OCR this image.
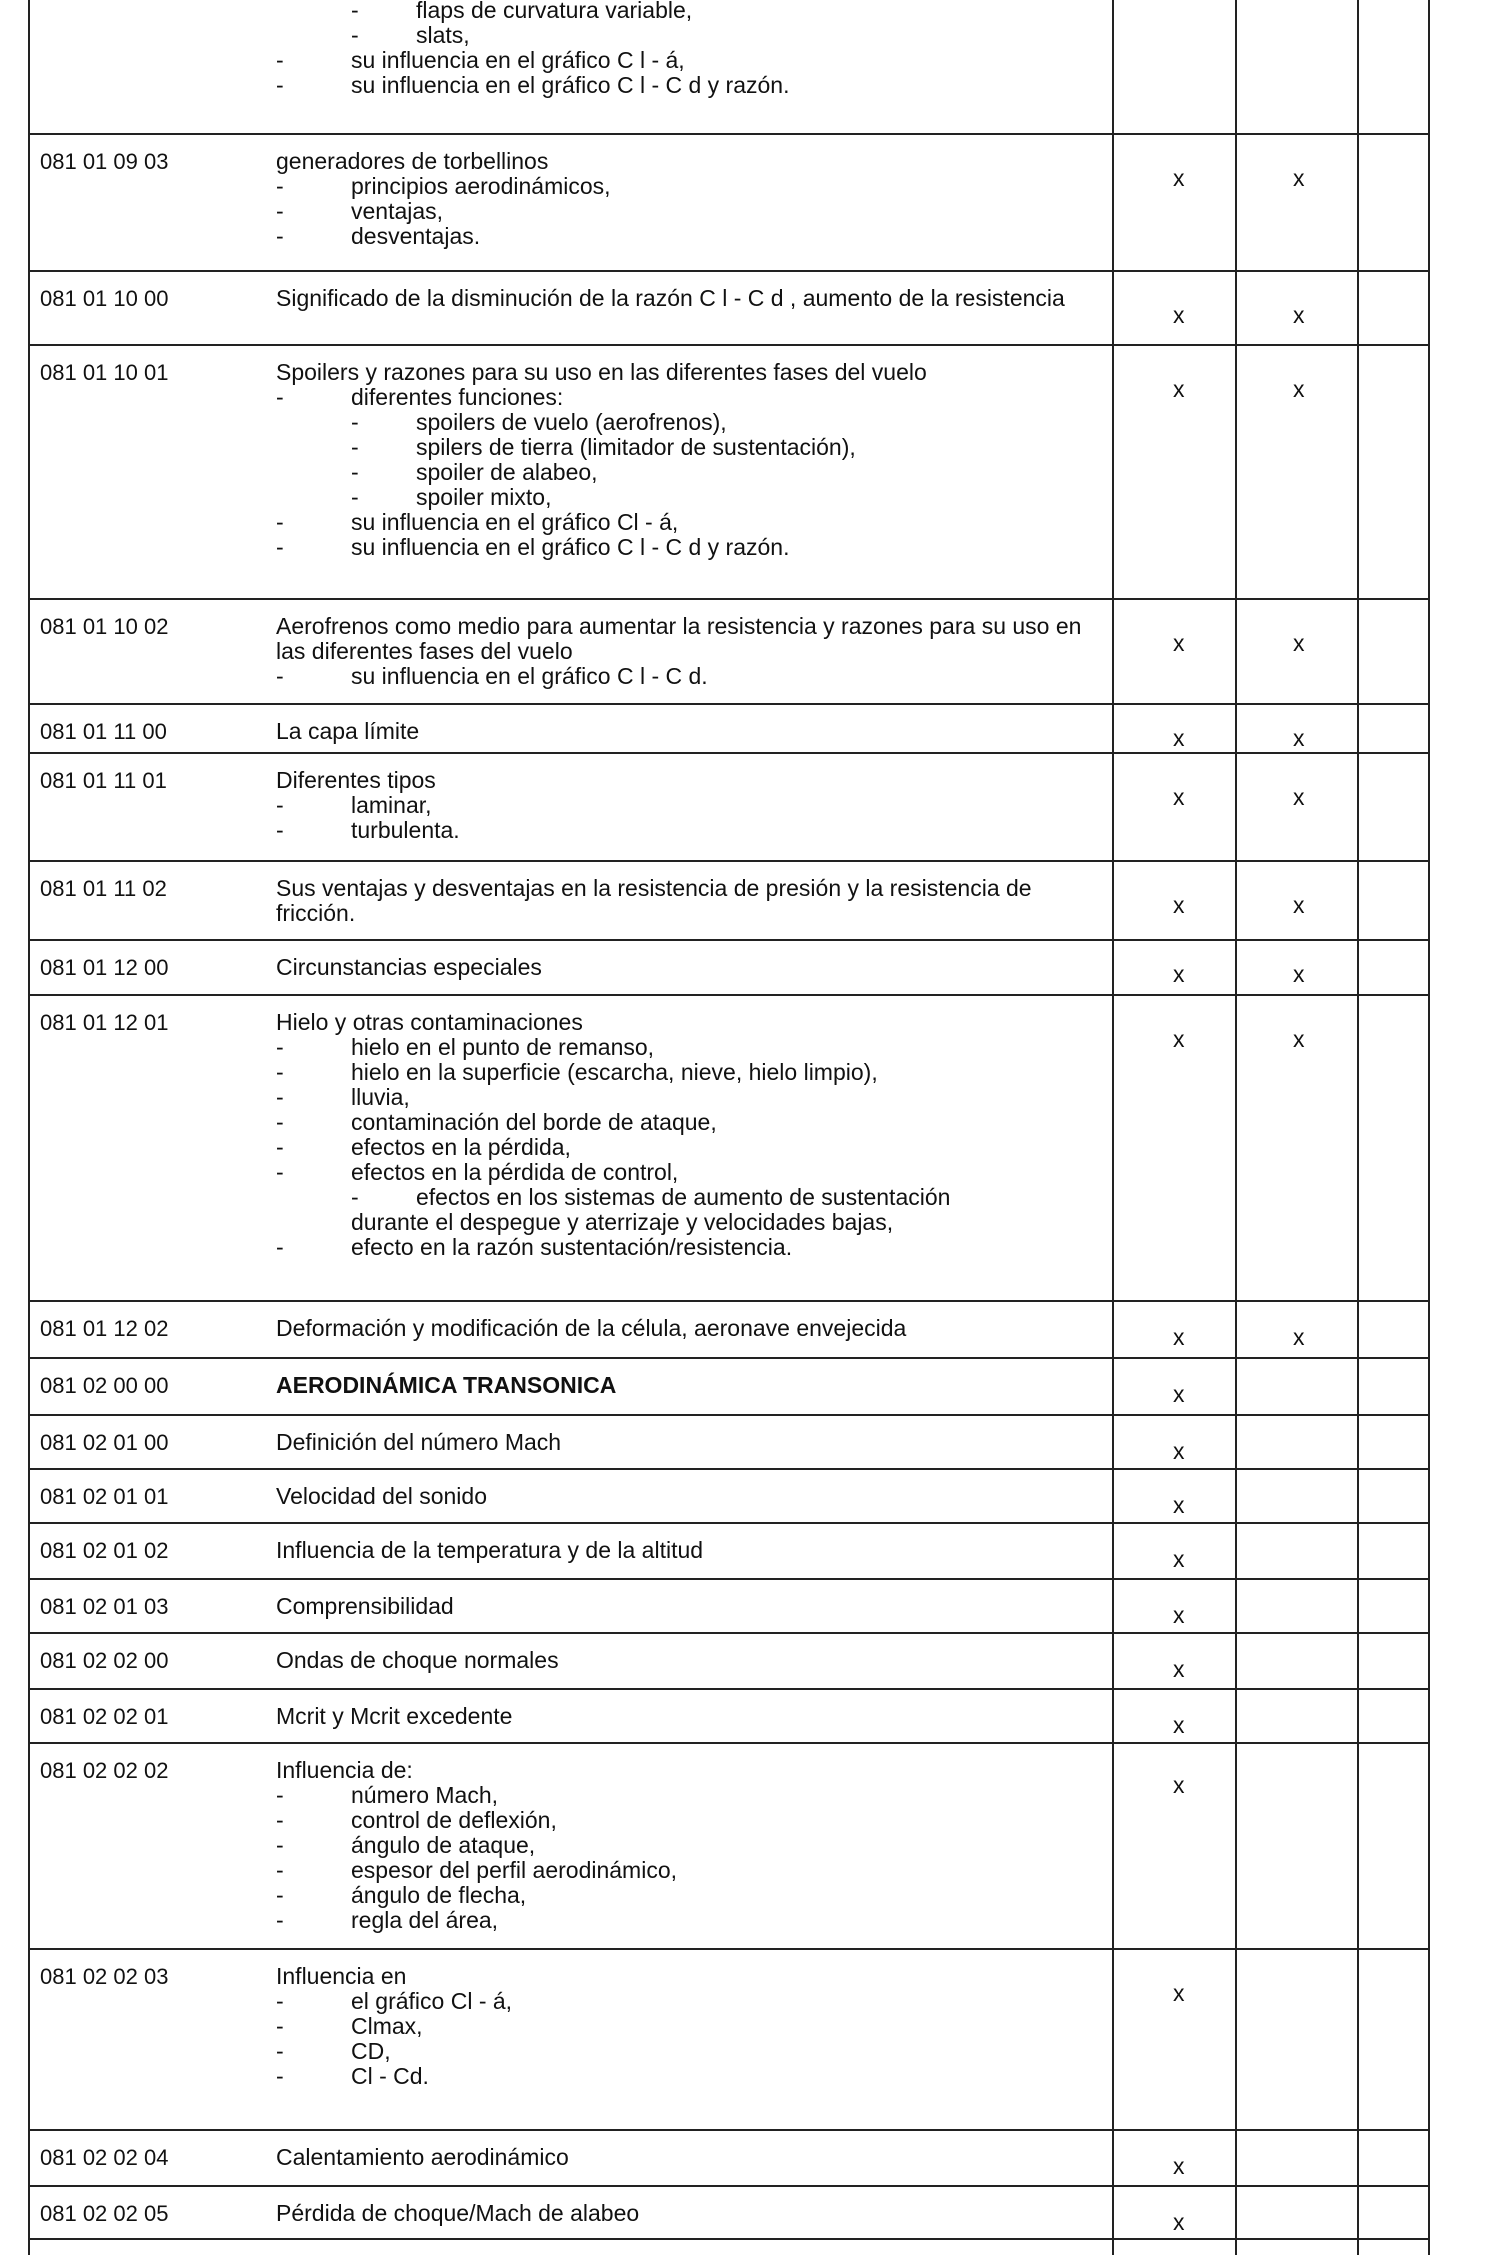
-	flaps de curvatura variable,
-	slats,
-	su influencia en el gráfico C l - á,
-	su influencia en el gráfico C l - C d y razón.
081 01 09 03	generadores de torbellinos
-	principios aerodinámicos,
-	ventajas,
-	desventajas.
x	x
081 01 10 00	Significado de la disminución de la razón C l - C d , aumento de la resistencia
x	x
081 01 10 01	Spoilers y razones para su uso en las diferentes fases del vuelo
-	diferentes funciones:
-	spoilers de vuelo (aerofrenos),
-	spilers de tierra (limitador de sustentación),
-	spoiler de alabeo,
-	spoiler mixto,
-	su influencia en el gráfico Cl - á,
-	su influencia en el gráfico C l - C d y razón.
x	x
081 01 10 02	Aerofrenos como medio para aumentar la resistencia y razones para su uso en las diferentes fases del vuelo
-	su influencia en el gráfico C l - C d.
x	x
081 01 11 00	La capa límite	x	x
081 01 11 01	Diferentes tipos
-	laminar,
-	turbulenta.
x	x
081 01 11 02	Sus ventajas y desventajas en la resistencia de presión y la resistencia de fricción.	x	x
081 01 12 00	Circunstancias especiales	x	x
081 01 12 01	Hielo y otras contaminaciones
-	hielo en el punto de remanso,
-	hielo en la superficie (escarcha, nieve, hielo limpio),
-	lluvia,
-	contaminación del borde de ataque,
-	efectos en la pérdida,
-	efectos en la pérdida de control,
-	efectos en los sistemas de aumento de sustentación
durante el despegue y aterrizaje y velocidades bajas,
-	efecto en la razón sustentación/resistencia.
x	x
081 01 12 02	Deformación y modificación de la célula, aeronave envejecida	x	x
081 02 00 00	AERODINÁMICA TRANSONICA	x
081 02 01 00	Definición del número Mach	x
081 02 01 01	Velocidad del sonido	x
081 02 01 02	Influencia de la temperatura y de la altitud	x
081 02 01 03	Comprensibilidad	x
081 02 02 00	Ondas de choque normales	x
081 02 02 01	Mcrit y Mcrit excedente	x
081 02 02 02	Influencia de:
-	número Mach,
-	control de deflexión,
-	ángulo de ataque,
-	espesor del perfil aerodinámico,
-	ángulo de flecha,
-	regla del área,
x
081 02 02 03	Influencia en
-	el gráfico Cl - á,
-	Clmax,
-	CD,
-	Cl - Cd.
x
081 02 02 04	Calentamiento aerodinámico	x
081 02 02 05	Pérdida de choque/Mach de alabeo	x
